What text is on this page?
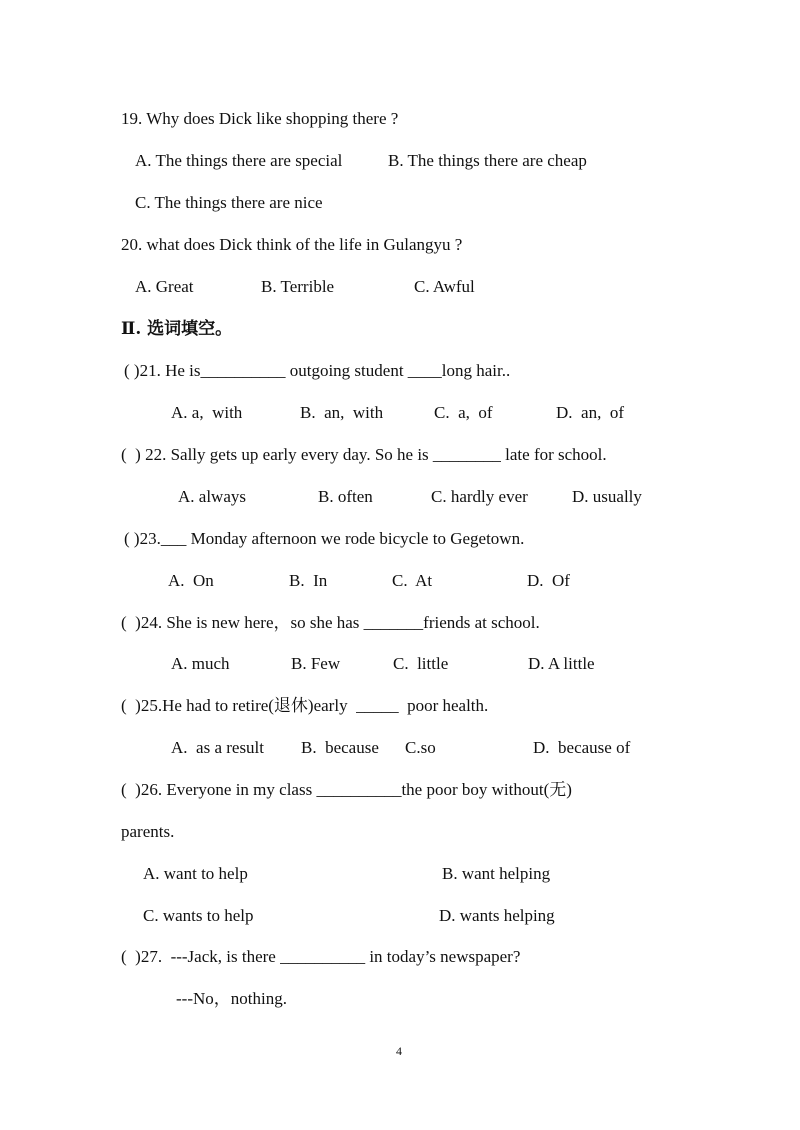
19. Why does Dick like shopping there ?
A. The things there are special	B. The things there are cheap
C. The things there are nice
20. what does Dick think of the life in Gulangyu ?
A. Great	B. Terrible	C. Awful
Ⅱ. 选词填空。
( )21. He is__________ outgoing student ____long hair..
A. a,  with	B.  an,  with	C.  a,  of	D.  an,  of
(  ) 22. Sally gets up early every day. So he is ________ late for school.
A. always	B. often	C. hardly ever	D. usually
( )23.___ Monday afternoon we rode bicycle to Gegetown.
A.  On	B.  In	C.  At	D.  Of
(  )24. She is new here，so she has _______friends at school.
A. much	B. Few	C.  little	D. A little
(  )25.He had to retire(退休)early  _____  poor health.
A.  as a result B.  because C.so	D.  because of
(  )26. Everyone in my class __________the poor boy without(无)
parents.
A. want to help	B. want helping
C. wants to help	D. wants helping
(  )27.  ---Jack, is there __________ in today’s newspaper?
---No，nothing.
4
